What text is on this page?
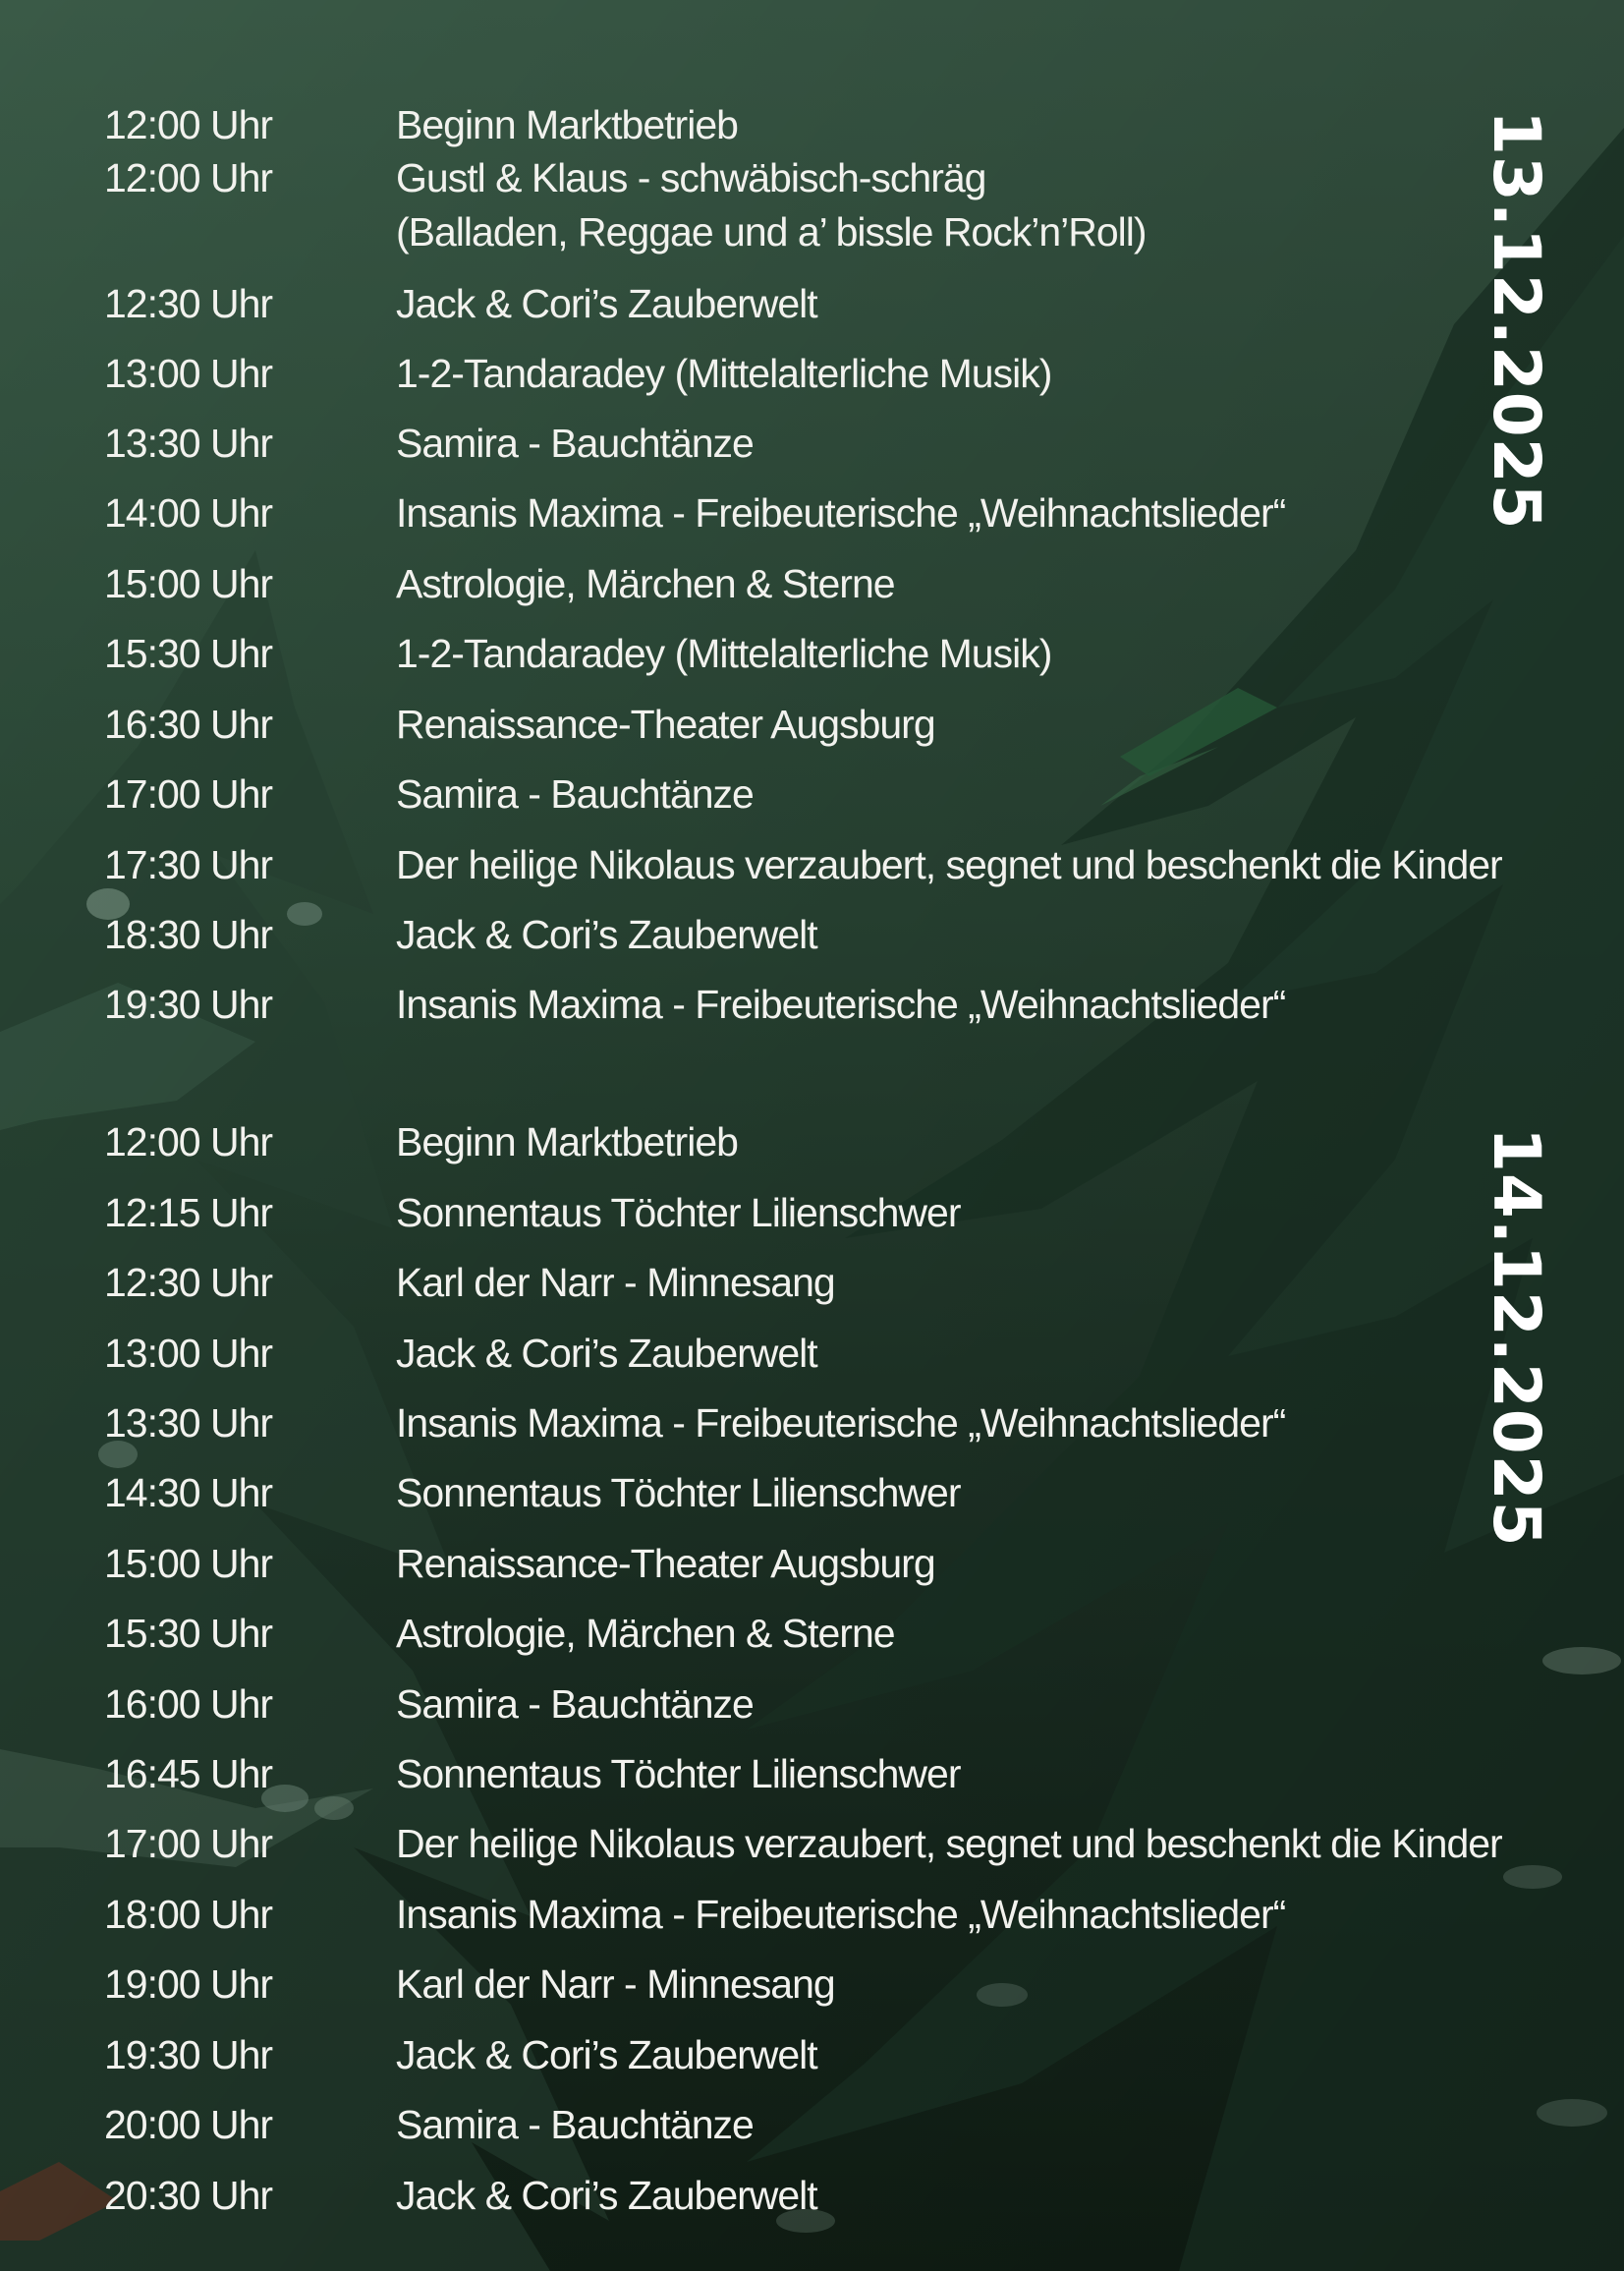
13.12.2025
12:00 Uhr	Beginn Marktbetrieb
12:00 Uhr	Gustl & Klaus - schwäbisch-schräg
(Balladen, Reggae und a’ bissle Rock’n’Roll)
12:30 Uhr	Jack & Cori’s Zauberwelt
13:00 Uhr	1-2-Tandaradey (Mittelalterliche Musik)
13:30 Uhr	Samira - Bauchtänze
14:00 Uhr	Insanis Maxima - Freibeuterische „Weihnachtslieder“
15:00 Uhr	Astrologie, Märchen & Sterne
15:30 Uhr	1-2-Tandaradey (Mittelalterliche Musik)
16:30 Uhr	Renaissance-Theater Augsburg
17:00 Uhr	Samira - Bauchtänze
17:30 Uhr	Der heilige Nikolaus verzaubert, segnet und beschenkt die Kinder
18:30 Uhr	Jack & Cori’s Zauberwelt
19:30 Uhr	Insanis Maxima - Freibeuterische „Weihnachtslieder“
14.12.2025
12:00 Uhr	Beginn Marktbetrieb
12:15 Uhr	Sonnentaus Töchter Lilienschwer
12:30 Uhr	Karl der Narr - Minnesang
13:00 Uhr	Jack & Cori’s Zauberwelt
13:30 Uhr	Insanis Maxima - Freibeuterische „Weihnachtslieder“
14:30 Uhr	Sonnentaus Töchter Lilienschwer
15:00 Uhr	Renaissance-Theater Augsburg
15:30 Uhr	Astrologie, Märchen & Sterne
16:00 Uhr	Samira - Bauchtänze
16:45 Uhr	Sonnentaus Töchter Lilienschwer
17:00 Uhr	Der heilige Nikolaus verzaubert, segnet und beschenkt die Kinder
18:00 Uhr	Insanis Maxima - Freibeuterische „Weihnachtslieder“
19:00 Uhr	Karl der Narr - Minnesang
19:30 Uhr	Jack & Cori’s Zauberwelt
20:00 Uhr	Samira - Bauchtänze
20:30 Uhr	Jack & Cori’s Zauberwelt
